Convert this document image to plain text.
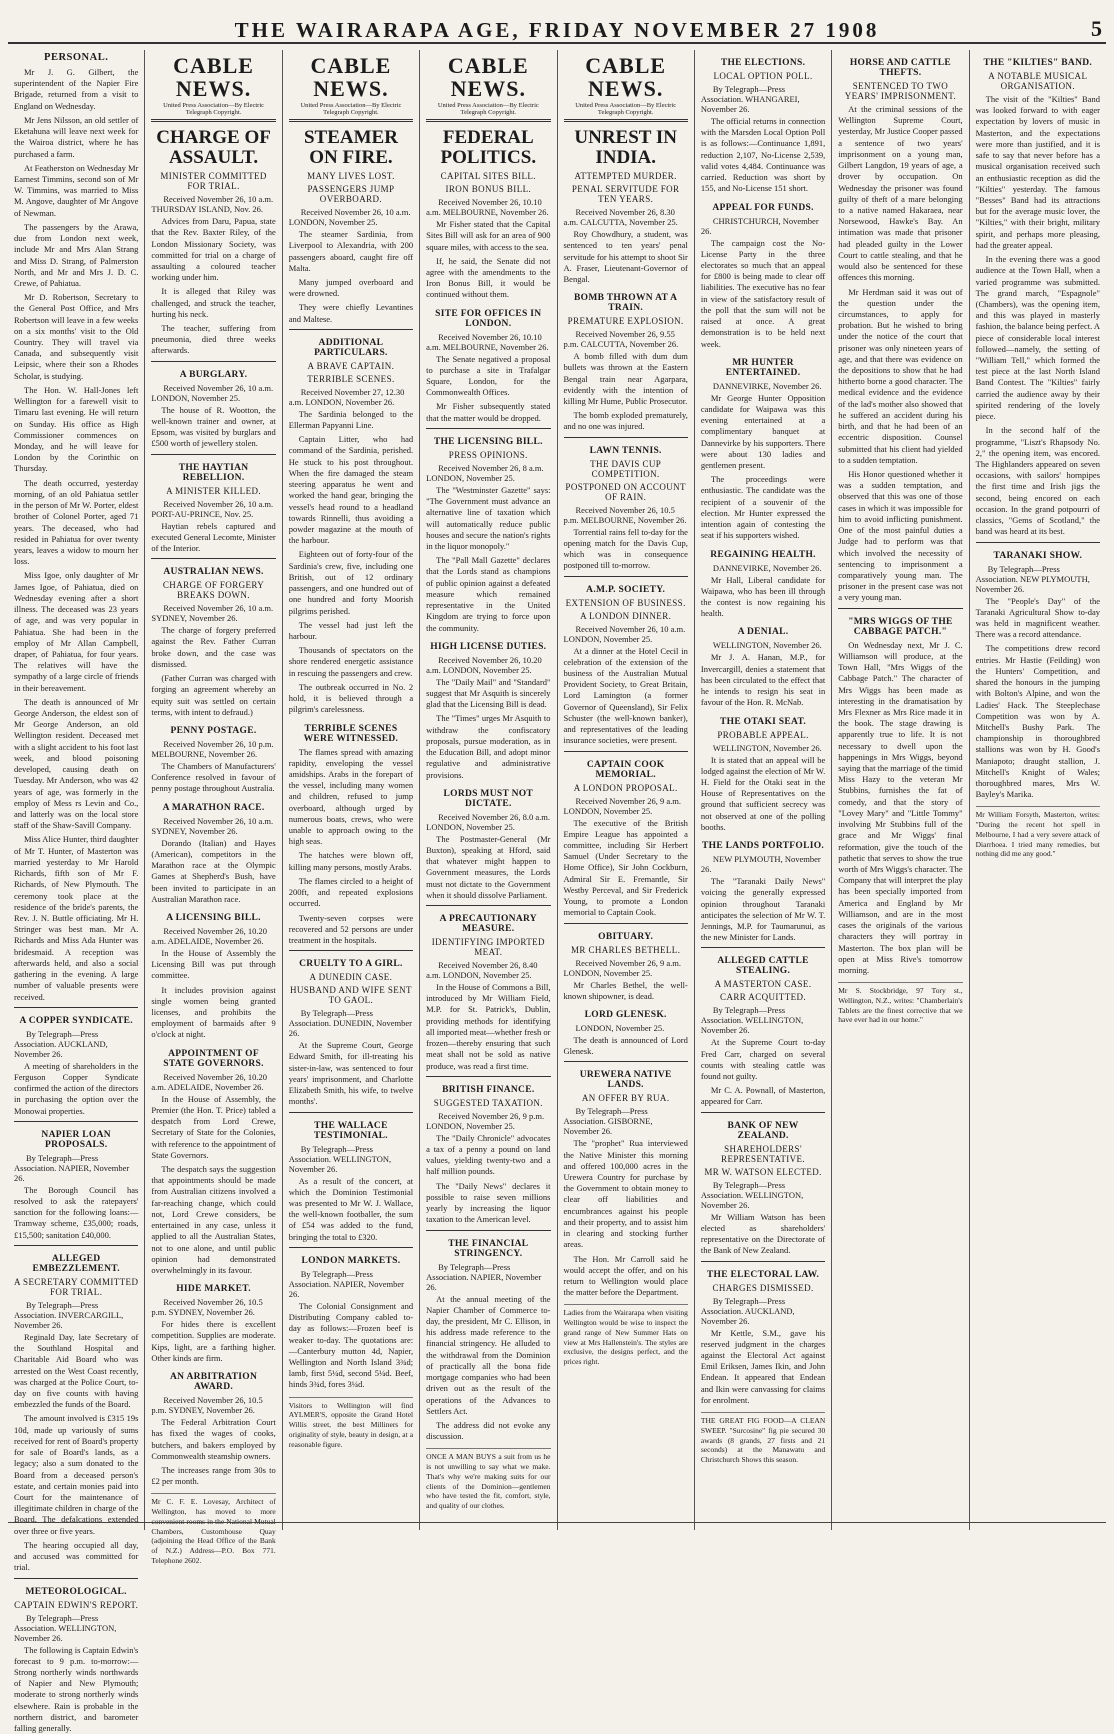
THE WAIRARAPA AGE, FRIDAY NOVEMBER 27 1908	5
PERSONAL.

Mr J. G. Gilbert, the superintendent of the Napier Fire Brigade, returned from a visit to England on Wednesday.

Mr Jens Nilsson, an old settler of Eketahuna will leave next week for the Wairoa district, where he has purchased a farm.

At Featherston on Wednesday Mr Earnest Timmins, second son of Mr W. Timmins, was married to Miss M. Angove, daughter of Mr Angove of Newman.

The passengers by the Arawa, due from London next week, include Mr and Mrs Alan Strang and Miss D. Strang, of Palmerston North, and Mr and Mrs J. D. C. Crewe, of Pahiatua.

Mr D. Robertson, Secretary to the General Post Office, and Mrs Robertson will leave in a few weeks on a six months' visit to the Old Country. They will travel via Canada, and subsequently visit Leipsic, where their son a Rhodes Scholar, is studying.

The Hon. W. Hall-Jones left Wellington for a farewell visit to Timaru last evening. He will return on Sunday. His office as High Commissioner commences on Monday, and he will leave for London by the Corinthic on Thursday.

The death occurred, yesterday morning, of an old Pahiatua settler in the person of Mr W. Porter, eldest brother of Colonel Porter, aged 71 years. The deceased, who had resided in Pahiatua for over twenty years, leaves a widow to mourn her loss.

Miss Igoe, only daughter of Mr James Igoe, of Pahiatua, died on Wednesday evening after a short illness. The deceased was 23 years of age, and was very popular in Pahiatua. She had been in the employ of Mr Allan Campbell, draper, of Pahiatua, for four years. The relatives will have the sympathy of a large circle of friends in their bereavement.

The death is announced of Mr George Anderson, the eldest son of Mr George Anderson, an old Wellington resident. Deceased met with a slight accident to his foot last week, and blood poisoning developed, causing death on Tuesday. Mr Anderson, who was 42 years of age, was formerly in the employ of Mess rs Levin and Co., and latterly was on the local store staff of the Shaw-Savill Company.

Miss Alice Hunter, third daughter of Mr T. Hunter, of Masterton was married yesterday to Mr Harold Richards, fifth son of Mr F. Richards, of New Plymouth. The ceremony took place at the residence of the bride's parents, the Rev. J. N. Buttle officiating. Mr H. Stringer was best man. Mr A. Richards and Miss Ada Hunter was bridesmaid. A reception was afterwards held, and also a social gathering in the evening. A large number of valuable presents were received.

A COPPER SYNDICATE.
By Telegraph—Press Association. AUCKLAND, November 26.

A meeting of shareholders in the Ferguson Copper Syndicate confirmed the action of the directors in purchasing the option over the Monowai properties.

NAPIER LOAN PROPOSALS.
By Telegraph—Press Association. NAPIER, November 26.

The Borough Council has resolved to ask the ratepayers' sanction for the following loans:—Tramway scheme, £35,000; roads, £15,500; sanitation £40,000.

ALLEGED EMBEZZLEMENT.
A SECRETARY COMMITTED FOR TRIAL.
By Telegraph—Press Association. INVERCARGILL, November 26.

Reginald Day, late Secretary of the Southland Hospital and Charitable Aid Board who was arrested on the West Coast recently, was charged at the Police Court, to-day on five counts with having embezzled the funds of the Board.

The amount involved is £315 19s 10d, made up variously of sums received for rent of Board's property for sale of Board's lands, as a legacy; also a sum donated to the Board from a deceased person's estate, and certain monies paid into Court for the maintenance of illegitimate children in charge of the Board. The defalcations extended over three or five years.

The hearing occupied all day, and accused was committed for trial.

METEOROLOGICAL.
CAPTAIN EDWIN'S REPORT.
By Telegraph—Press Association. WELLINGTON, November 26.

The following is Captain Edwin's forecast to 9 p.m. to-morrow:—Strong northerly winds northwards of Napier and New Plymouth; moderate to strong northerly winds elsewhere. Rain is probable in the northern district, and barometer falling generally.

CABLE NEWS.
United Press Association—By Electric Telegraph Copyright.
CHARGE OF ASSAULT.
MINISTER COMMITTED FOR TRIAL.
Received November 26, 10 a.m. THURSDAY ISLAND, Nov. 26.

Advices from Daru, Papua, state that the Rev. Baxter Riley, of the London Missionary Society, was committed for trial on a charge of assaulting a coloured teacher working under him.

It is alleged that Riley was challenged, and struck the teacher, hurting his neck.

The teacher, suffering from pneumonia, died three weeks afterwards.

A BURGLARY.
Received November 26, 10 a.m. LONDON, November 25.

The house of R. Wootton, the well-known trainer and owner, at Epsom, was visited by burglars and £500 worth of jewellery stolen.

THE HAYTIAN REBELLION.
A MINISTER KILLED.
Received November 26, 10 a.m. PORT-AU-PRINCE, Nov. 25.

Haytian rebels captured and executed General Lecomte, Minister of the Interior.

AUSTRALIAN NEWS.
CHARGE OF FORGERY BREAKS DOWN.
Received November 26, 10 a.m. SYDNEY, November 26.

The charge of forgery preferred against the Rev. Father Curran broke down, and the case was dismissed.

(Father Curran was charged with forging an agreement whereby an equity suit was settled on certain terms, with intent to defraud.)

PENNY POSTAGE.
Received November 26, 10 p.m. MELBOURNE, November 26.

The Chambers of Manufacturers' Conference resolved in favour of penny postage throughout Australia.

A MARATHON RACE.
Received November 26, 10 a.m. SYDNEY, November 26.

Dorando (Italian) and Hayes (American), competitors in the Marathon race at the Olympic Games at Shepherd's Bush, have been invited to participate in an Australian Marathon race.

A LICENSING BILL.
Received November 26, 10.20 a.m. ADELAIDE, November 26.

In the House of Assembly the Licensing Bill was put through committee.

It includes provision against single women being granted licenses, and prohibits the employment of barmaids after 9 o'clock at night.

APPOINTMENT OF STATE GOVERNORS.
Received November 26, 10.20 a.m. ADELAIDE, November 26.

In the House of Assembly, the Premier (the Hon. T. Price) tabled a despatch from Lord Crewe, Secretary of State for the Colonies, with reference to the appointment of State Governors.

The despatch says the suggestion that appointments should be made from Australian citizens involved a far-reaching change, which could not, Lord Crewe considers, be entertained in any case, unless it applied to all the Australian States, not to one alone, and until public opinion had demonstrated overwhelmingly in its favour.

HIDE MARKET.
Received November 26, 10.5 p.m. SYDNEY, November 26.

For hides there is excellent competition. Supplies are moderate. Kips, light, are a farthing higher. Other kinds are firm.

AN ARBITRATION AWARD.
Received November 26, 10.5 p.m. SYDNEY, November 26.

The Federal Arbitration Court has fixed the wages of cooks, butchers, and bakers employed by Commonwealth steamship owners.

The increases range from 30s to £2 per month.

Mr C. F. E. Lovesay, Architect of Wellington, has moved to more convenient rooms in the National Mutual Chambers, Customhouse Quay (adjoining the Head Office of the Bank of N.Z.) Address—P.O. Box 771. Telephone 2602.
CABLE NEWS.
United Press Association—By Electric Telegraph Copyright.
STEAMER ON FIRE.
MANY LIVES LOST.
PASSENGERS JUMP OVERBOARD.
Received November 26, 10 a.m. LONDON, November 25.

The steamer Sardinia, from Liverpool to Alexandria, with 200 passengers aboard, caught fire off Malta.

Many jumped overboard and were drowned.

They were chiefly Levantines and Maltese.

ADDITIONAL PARTICULARS.
A BRAVE CAPTAIN.
TERRIBLE SCENES.
Received November 27, 12.30 a.m. LONDON, November 26.

The Sardinia belonged to the Ellerman Papyanni Line.

Captain Litter, who had command of the Sardinia, perished. He stuck to his post throughout. When the fire damaged the steam steering apparatus he went and worked the hand gear, bringing the vessel's head round to a headland towards Rinnelli, thus avoiding a powder magazine at the mouth of the harbour.

Eighteen out of forty-four of the Sardinia's crew, five, including one British, out of 12 ordinary passengers, and one hundred out of one hundred and forty Moorish pilgrims perished.

The vessel had just left the harbour.

Thousands of spectators on the shore rendered energetic assistance in rescuing the passengers and crew.

The outbreak occurred in No. 2 hold, it is believed through a pilgrim's carelessness.

TERRIBLE SCENES WERE WITNESSED.

The flames spread with amazing rapidity, enveloping the vessel amidships. Arabs in the forepart of the vessel, including many women and children, refused to jump overboard, although urged by numerous boats, crews, who were unable to approach owing to the high seas.

The hatches were blown off, killing many persons, mostly Arabs.

The flames circled to a height of 200ft, and repeated explosions occurred.

Twenty-seven corpses were recovered and 52 persons are under treatment in the hospitals.

CRUELTY TO A GIRL.
A DUNEDIN CASE.
HUSBAND AND WIFE SENT TO GAOL.
By Telegraph—Press Association. DUNEDIN, November 26.

At the Supreme Court, George Edward Smith, for ill-treating his sister-in-law, was sentenced to four years' imprisonment, and Charlotte Elizabeth Smith, his wife, to twelve months'.

THE WALLACE TESTIMONIAL.
By Telegraph—Press Association. WELLINGTON, November 26.

As a result of the concert, at which the Dominion Testimonial was presented to Mr W. J. Wallace, the well-known footballer, the sum of £54 was added to the fund, bringing the total to £320.

LONDON MARKETS.
By Telegraph—Press Association. NAPIER, November 26.

The Colonial Consignment and Distributing Company cabled to-day as follows:—Frozen beef is weaker to-day. The quotations are:—Canterbury mutton 4d, Napier, Wellington and North Island 3¾d; lamb, first 5¼d, second 5¼d. Beef, hinds 3¾d, fores 3¼d.

Visitors to Wellington will find AYLMER'S, opposite the Grand Hotel Willis street, the best Milliners for originality of style, beauty in design, at a reasonable figure.
CABLE NEWS.
United Press Association—By Electric Telegraph Copyright.
FEDERAL POLITICS.
CAPITAL SITES BILL.
IRON BONUS BILL.
Received November 26, 10.10 a.m. MELBOURNE, November 26.

Mr Fisher stated that the Capital Sites Bill will ask for an area of 900 square miles, with access to the sea.

If, he said, the Senate did not agree with the amendments to the Iron Bonus Bill, it would be continued without them.

SITE FOR OFFICES IN LONDON.
Received November 26, 10.10 a.m. MELBOURNE, November 26.

The Senate negatived a proposal to purchase a site in Trafalgar Square, London, for the Commonwealth Offices.

Mr Fisher subsequently stated that the matter would be dropped.

THE LICENSING BILL.
PRESS OPINIONS.
Received November 26, 8 a.m. LONDON, November 25.

The "Westminster Gazette" says: "The Government must advance an alternative line of taxation which will automatically reduce public houses and secure the nation's rights in the liquor monopoly."

The "Pall Mall Gazette" declares that the Lords stand as champions of public opinion against a defeated measure which remained representative in the United Kingdom are trying to force upon the community.

HIGH LICENSE DUTIES.
Received November 26, 10.20 a.m. LONDON, November 25.

The "Daily Mail" and "Standard" suggest that Mr Asquith is sincerely glad that the Licensing Bill is dead.

The "Times" urges Mr Asquith to withdraw the confiscatory proposals, pursue moderation, as in the Education Bill, and adopt minor regulative and administrative provisions.

LORDS MUST NOT DICTATE.
Received November 26, 8.0 a.m. LONDON, November 25.

The Postmaster-General (Mr Buxton), speaking at Hford, said that whatever might happen to Government measures, the Lords must not dictate to the Government when it should dissolve Parliament.

A PRECAUTIONARY MEASURE.
IDENTIFYING IMPORTED MEAT.
Received November 26, 8.40 a.m. LONDON, November 25.

In the House of Commons a Bill, introduced by Mr William Field, M.P. for St. Patrick's, Dublin, providing methods for identifying all imported meat—whether fresh or frozen—thereby ensuring that such meat shall not be sold as native produce, was read a first time.

BRITISH FINANCE.
SUGGESTED TAXATION.
Received November 26, 9 p.m. LONDON, November 25.

The "Daily Chronicle" advocates a tax of a penny a pound on land values, yielding twenty-two and a half million pounds.

The "Daily News" declares it possible to raise seven millions yearly by increasing the liquor taxation to the American level.

THE FINANCIAL STRINGENCY.
By Telegraph—Press Association. NAPIER, November 26.

At the annual meeting of the Napier Chamber of Commerce to-day, the president, Mr C. Ellison, in his address made reference to the financial stringency. He alluded to the withdrawal from the Dominion of practically all the bona fide mortgage companies who had been driven out as the result of the operations of the Advances to Settlers Act.

The address did not evoke any discussion.

ONCE A MAN BUYS a suit from us he is not unwilling to say what we make. That's why we're making suits for our clients of the Dominion—gentlemen who have tested the fit, comfort, style, and quality of our clothes.
CABLE NEWS.
United Press Association—By Electric Telegraph Copyright.
UNREST IN INDIA.
ATTEMPTED MURDER.
PENAL SERVITUDE FOR TEN YEARS.
Received November 26, 8.30 a.m. CALCUTTA, November 25.

Roy Chowdhury, a student, was sentenced to ten years' penal servitude for his attempt to shoot Sir A. Fraser, Lieutenant-Governor of Bengal.

BOMB THROWN AT A TRAIN.
PREMATURE EXPLOSION.
Received November 26, 9.55 p.m. CALCUTTA, November 26.

A bomb filled with dum dum bullets was thrown at the Eastern Bengal train near Agarpara, evidently with the intention of killing Mr Hume, Public Prosecutor.

The bomb exploded prematurely, and no one was injured.

LAWN TENNIS.
THE DAVIS CUP COMPETITION.
POSTPONED ON ACCOUNT OF RAIN.
Received November 26, 10.5 p.m. MELBOURNE, November 26.

Torrential rains fell to-day for the opening match for the Davis Cup, which was in consequence postponed till to-morrow.

A.M.P. SOCIETY.
EXTENSION OF BUSINESS.
A LONDON DINNER.
Received November 26, 10 a.m. LONDON, November 25.

At a dinner at the Hotel Cecil in celebration of the extension of the business of the Australian Mutual Provident Society, to Great Britain, Lord Lamington (a former Governor of Queensland), Sir Felix Schuster (the well-known banker), and representatives of the leading insurance societies, were present.

CAPTAIN COOK MEMORIAL.
A LONDON PROPOSAL.
Received November 26, 9 a.m. LONDON, November 25.

The executive of the British Empire League has appointed a committee, including Sir Herbert Samuel (Under Secretary to the Home Office), Sir John Cockburn, Admiral Sir E. Fremantle, Sir Westby Perceval, and Sir Frederick Young, to promote a London memorial to Captain Cook.

OBITUARY.
MR CHARLES BETHELL.
Received November 26, 9 a.m. LONDON, November 25.

Mr Charles Bethel, the well-known shipowner, is dead.

LORD GLENESK.
LONDON, November 25.

The death is announced of Lord Glenesk.

UREWERA NATIVE LANDS.
AN OFFER BY RUA.
By Telegraph—Press Association. GISBORNE, November 26.

The "prophet" Rua interviewed the Native Minister this morning and offered 100,000 acres in the Urewera Country for purchase by the Government to obtain money to clear off liabilities and encumbrances against his people and their property, and to assist him in clearing and stocking further areas.

The Hon. Mr Carroll said he would accept the offer, and on his return to Wellington would place the matter before the Department.

Ladies from the Wairarapa when visiting Wellington would be wise to inspect the grand range of New Summer Hats on view at Mrs Hallenstein's. The styles are exclusive, the designs perfect, and the prices right.
THE ELECTIONS.
LOCAL OPTION POLL.
By Telegraph—Press Association. WHANGAREI, November 26.

The official returns in connection with the Marsden Local Option Poll is as follows:—Continuance 1,891, reduction 2,107, No-License 2,539, valid votes 4,484. Continuance was carried. Reduction was short by 155, and No-License 151 short.

APPEAL FOR FUNDS.
CHRISTCHURCH, November 26.

The campaign cost the No-License Party in the three electorates so much that an appeal for £800 is being made to clear off liabilities. The executive has no fear in view of the satisfactory result of the poll that the sum will not be raised at once. A great demonstration is to be held next week.

MR HUNTER ENTERTAINED.
DANNEVIRKE, November 26.

Mr George Hunter Opposition candidate for Waipawa was this evening entertained at a complimentary banquet at Dannevirke by his supporters. There were about 130 ladies and gentlemen present.

The proceedings were enthusiastic. The candidate was the recipient of a souvenir of the election. Mr Hunter expressed the intention again of contesting the seat if his supporters wished.

REGAINING HEALTH.
DANNEVIRKE, November 26.

Mr Hall, Liberal candidate for Waipawa, who has been ill through the contest is now regaining his health.

A DENIAL.
WELLINGTON, November 26.

Mr J. A. Hanan, M.P., for Invercargill, denies a statement that has been circulated to the effect that he intends to resign his seat in favour of the Hon. R. McNab.

THE OTAKI SEAT.
PROBABLE APPEAL.
WELLINGTON, November 26.

It is stated that an appeal will be lodged against the election of Mr W. H. Field for the Otaki seat in the House of Representatives on the ground that sufficient secrecy was not observed at one of the polling booths.

THE LANDS PORTFOLIO.
NEW PLYMOUTH, November 26.

The "Taranaki Daily News" voicing the generally expressed opinion throughout Taranaki anticipates the selection of Mr W. T. Jennings, M.P. for Taumarunui, as the new Minister for Lands.

ALLEGED CATTLE STEALING.
A MASTERTON CASE.
CARR ACQUITTED.
By Telegraph—Press Association. WELLINGTON, November 26.

At the Supreme Court to-day Fred Carr, charged on several counts with stealing cattle was found not guilty.

Mr C. A. Pownall, of Masterton, appeared for Carr.

BANK OF NEW ZEALAND.
SHAREHOLDERS' REPRESENTATIVE.
MR W. WATSON ELECTED.
By Telegraph—Press Association. WELLINGTON, November 26.

Mr William Watson has been elected as shareholders' representative on the Directorate of the Bank of New Zealand.

THE ELECTORAL LAW.
CHARGES DISMISSED.
By Telegraph—Press Association. AUCKLAND, November 26.

Mr Kettle, S.M., gave his reserved judgment in the charges against the Electoral Act against Emil Eriksen, James Ikin, and John Endean. It appeared that Endean and Ikin were canvassing for claims for enrolment.

THE GREAT FIG FOOD—A CLEAN SWEEP. "Surcosine" fig pie secured 30 awards (8 grands, 27 firsts and 21 seconds) at the Manawatu and Christchurch Shows this season.
HORSE AND CATTLE THEFTS.
SENTENCED TO TWO YEARS' IMPRISONMENT.

At the criminal sessions of the Wellington Supreme Court, yesterday, Mr Justice Cooper passed a sentence of two years' imprisonment on a young man, Gilbert Langdon, 19 years of age, a drover by occupation. On Wednesday the prisoner was found guilty of theft of a mare belonging to a native named Hakaraea, near Norsewood, Hawke's Bay. An intimation was made that prisoner had pleaded guilty in the Lower Court to cattle stealing, and that he would also be sentenced for these offences this morning.

Mr Herdman said it was out of the question under the circumstances, to apply for probation. But he wished to bring under the notice of the court that prisoner was only nineteen years of age, and that there was evidence on the depositions to show that he had hitherto borne a good character. The medical evidence and the evidence of the lad's mother also showed that he suffered an accident during his birth, and that he had been of an eccentric disposition. Counsel submitted that his client had yielded to a sudden temptation.

His Honor questioned whether it was a sudden temptation, and observed that this was one of those cases in which it was impossible for him to avoid inflicting punishment. One of the most painful duties a Judge had to perform was that which involved the necessity of sentencing to imprisonment a comparatively young man. The prisoner in the present case was not a very young man.

"MRS WIGGS OF THE CABBAGE PATCH."

On Wednesday next, Mr J. C. Williamson will produce, at the Town Hall, "Mrs Wiggs of the Cabbage Patch." The character of Mrs Wiggs has been made as interesting in the dramatisation by Mrs Flexner as Mrs Rice made it in the book. The stage drawing is apparently true to life. It is not necessary to dwell upon the happenings in Mrs Wiggs, beyond saying that the marriage of the timid Miss Hazy to the veteran Mr Stubbins, furnishes the fat of comedy, and that the story of "Lovey Mary" and "Little Tommy" involving Mr Stubbins full of the grace and Mr Wiggs' final reformation, give the touch of the pathetic that serves to show the true worth of Mrs Wiggs's character. The Company that will interpret the play has been specially imported from America and England by Mr Williamson, and are in the most cases the originals of the various characters they will portray in Masterton. The box plan will be open at Miss Rive's tomorrow morning.

Mr S. Stockbridge, 97 Tory st., Wellington, N.Z., writes: "Chamberlain's Tablets are the finest corrective that we have ever had in our home."
THE "KILTIES" BAND.
A NOTABLE MUSICAL ORGANISATION.

The visit of the "Kilties" Band was looked forward to with eager expectation by lovers of music in Masterton, and the expectations were more than justified, and it is safe to say that never before has a musical organisation received such an enthusiastic reception as did the "Kilties" yesterday. The famous "Besses" Band had its attractions but for the average music lover, the "Kilties," with their bright, military spirit, and perhaps more pleasing, had the greater appeal.

In the evening there was a good audience at the Town Hall, when a varied programme was submitted. The grand march, "Espagnole" (Chambers), was the opening item, and this was played in masterly fashion, the balance being perfect. A piece of considerable local interest followed—namely, the setting of "William Tell," which formed the test piece at the last North Island Band Contest. The "Kilties" fairly carried the audience away by their spirited rendering of the lovely piece.

In the second half of the programme, "Liszt's Rhapsody No. 2," the opening item, was encored. The Highlanders appeared on seven occasions, with sailors' hornpipes the first time and Irish jigs the second, being encored on each occasion. In the grand potpourri of classics, "Gems of Scotland," the band was heard at its best.

TARANAKI SHOW.
By Telegraph—Press Association. NEW PLYMOUTH, November 26.

The "People's Day" of the Taranaki Agricultural Show to-day was held in magnificent weather. There was a record attendance.

The competitions drew record entries. Mr Hastie (Feilding) won the Hunters' Competition, and shared the honours in the jumping with Bolton's Alpine, and won the Ladies' Hack. The Steeplechase Competition was won by A. Mitchell's Bushy Park. The championship in thoroughbred stallions was won by H. Good's Maniapoto; draught stallion, J. Mitchell's Knight of Wales; thoroughbred mares, Mrs W. Bayley's Marika.

Mr William Forsyth, Masterton, writes: "During the recent hot spell in Melbourne, I had a very severe attack of Diarrhoea. I tried many remedies, but nothing did me any good."
